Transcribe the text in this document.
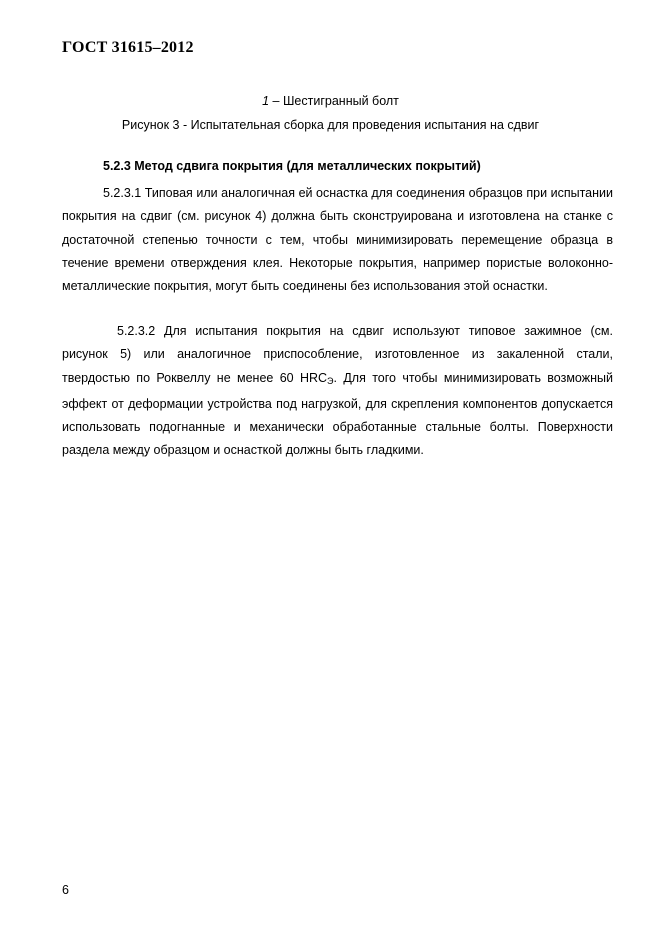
ГОСТ 31615–2012
1 – Шестигранный болт
Рисунок 3 - Испытательная сборка для проведения испытания на сдвиг
5.2.3 Метод сдвига покрытия (для металлических покрытий)
5.2.3.1 Типовая или аналогичная ей оснастка для соединения образцов при испытании покрытия на сдвиг (см. рисунок 4) должна быть сконструирована и изготовлена на станке с достаточной степенью точности с тем, чтобы минимизировать перемещение образца в течение времени отверждения клея. Некоторые покрытия, например пористые волоконно-металлические покрытия, могут быть соединены без использования этой оснастки.
5.2.3.2 Для испытания покрытия на сдвиг используют типовое зажимное (см. рисунок 5) или аналогичное приспособление, изготовленное из закаленной стали, твердостью по Роквеллу не менее 60 $HRC_Э$. Для того чтобы минимизировать возможный эффект от деформации устройства под нагрузкой, для скрепления компонентов допускается использовать подогнанные и механически обработанные стальные болты. Поверхности раздела между образцом и оснасткой должны быть гладкими.
6
